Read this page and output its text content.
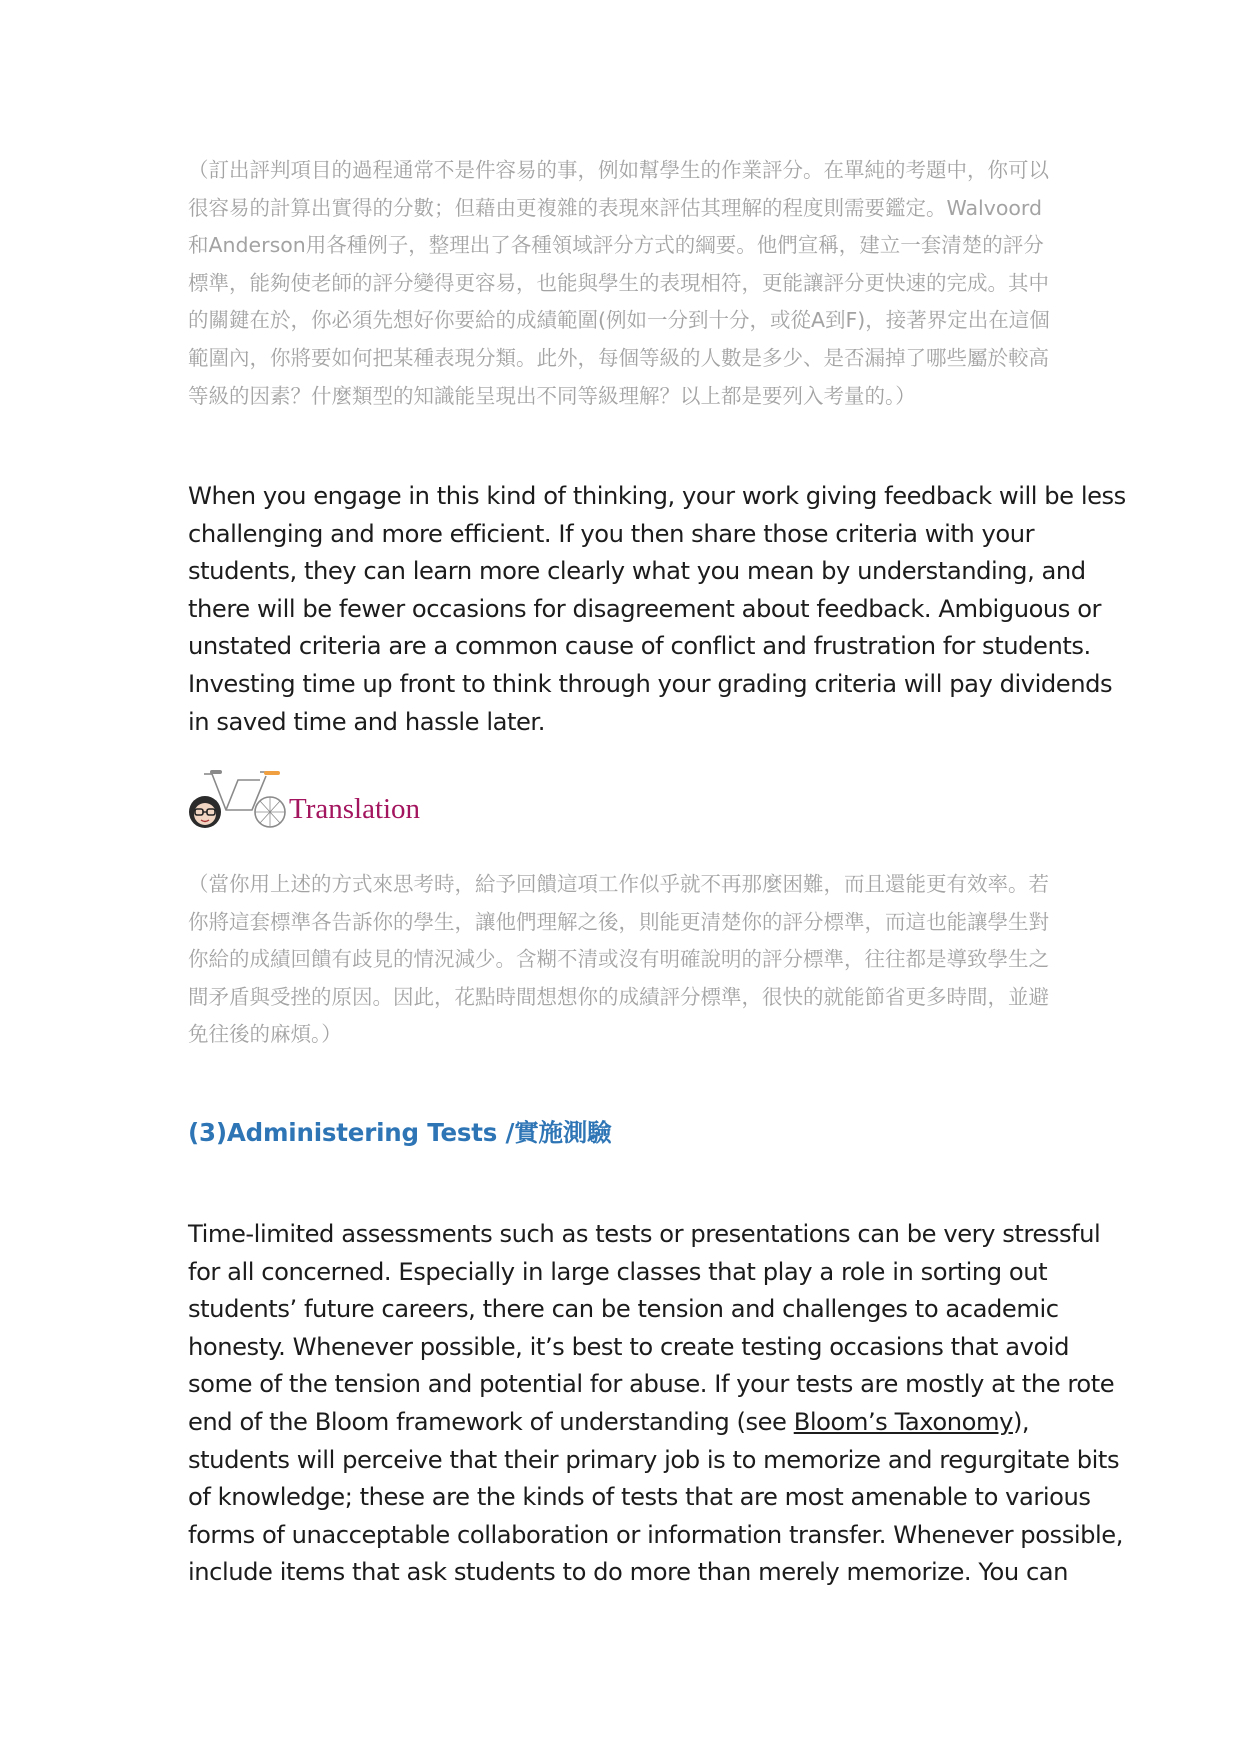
（訂出評判項目的過程通常不是件容易的事，例如幫學生的作業評分。在單純的考題中，你可以
很容易的計算出實得的分數；但藉由更複雜的表現來評估其理解的程度則需要鑑定。Walvoord
和Anderson用各種例子，整理出了各種領域評分方式的綱要。他們宣稱，建立一套清楚的評分
標準，能夠使老師的評分變得更容易，也能與學生的表現相符，更能讓評分更快速的完成。其中
的關鍵在於，你必須先想好你要給的成績範圍(例如一分到十分，或從A到F)，接著界定出在這個
範圍內，你將要如何把某種表現分類。此外，每個等級的人數是多少、是否漏掉了哪些屬於較高
等級的因素？什麼類型的知識能呈現出不同等級理解？以上都是要列入考量的。）

When you engage in this kind of thinking, your work giving feedback will be less
challenging and more efficient. If you then share those criteria with your
students, they can learn more clearly what you mean by understanding, and
there will be fewer occasions for disagreement about feedback. Ambiguous or
unstated criteria are a common cause of conflict and frustration for students.
Investing time up front to think through your grading criteria will pay dividends
in saved time and hassle later.

Translation

（當你用上述的方式來思考時，給予回饋這項工作似乎就不再那麼困難，而且還能更有效率。若
你將這套標準各告訴你的學生，讓他們理解之後，則能更清楚你的評分標準，而這也能讓學生對
你給的成績回饋有歧見的情況減少。含糊不清或沒有明確說明的評分標準，往往都是導致學生之
間矛盾與受挫的原因。因此，花點時間想想你的成績評分標準，很快的就能節省更多時間，並避
免往後的麻煩。）

(3)Administering Tests /實施測驗

Time-limited assessments such as tests or presentations can be very stressful
for all concerned. Especially in large classes that play a role in sorting out
students’ future careers, there can be tension and challenges to academic
honesty. Whenever possible, it’s best to create testing occasions that avoid
some of the tension and potential for abuse. If your tests are mostly at the rote
end of the Bloom framework of understanding (see Bloom’s Taxonomy),
students will perceive that their primary job is to memorize and regurgitate bits
of knowledge; these are the kinds of tests that are most amenable to various
forms of unacceptable collaboration or information transfer. Whenever possible,
include items that ask students to do more than merely memorize. You can
